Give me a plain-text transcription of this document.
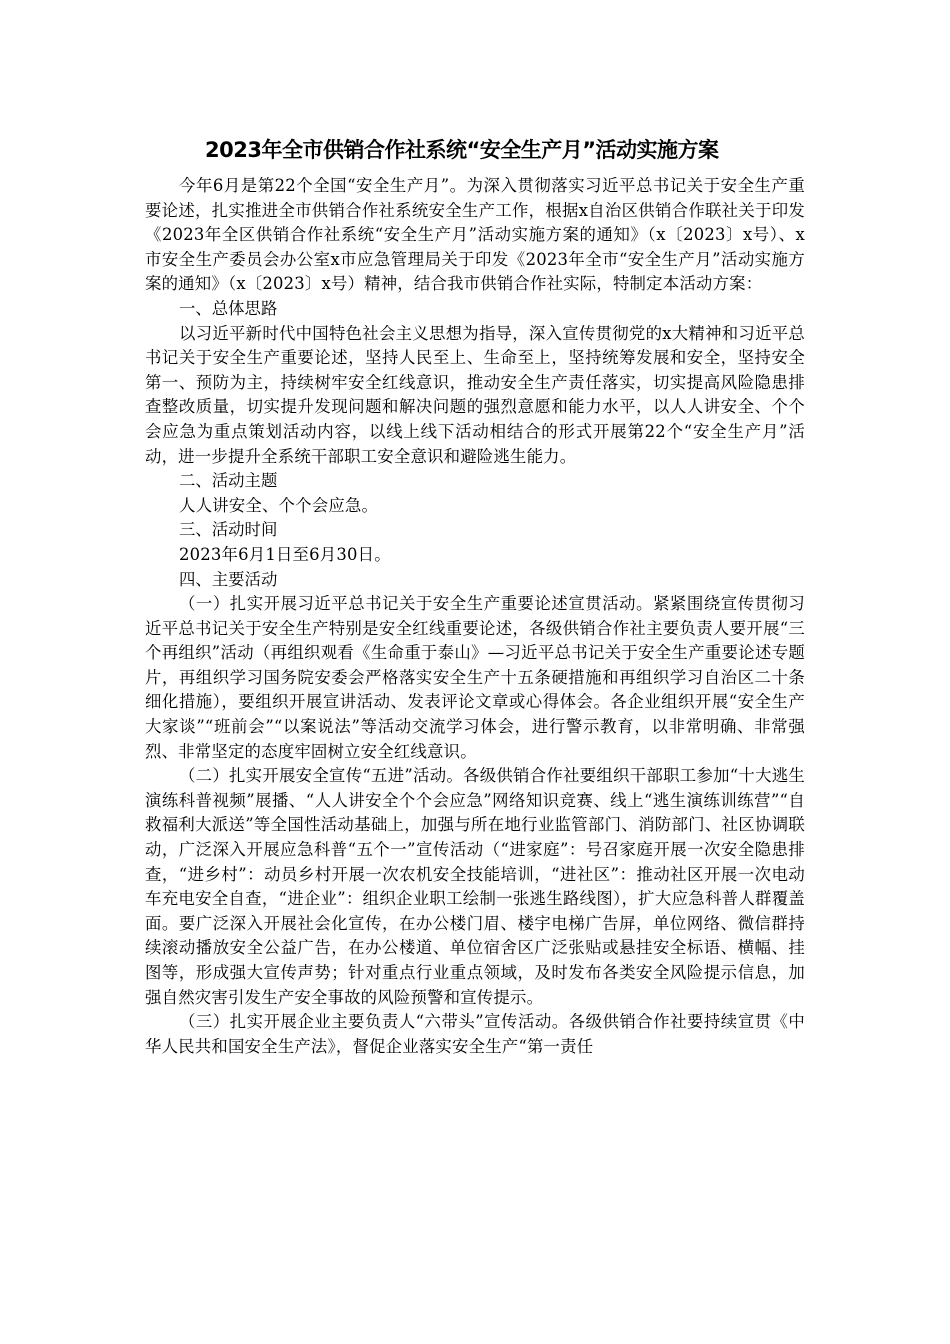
2023年全市供销合作社系统“安全生产月”活动实施方案

今年6月是第22个全国“安全生产月”。为深入贯彻落实习近平总书记关于安全生产重要论述，扎实推进全市供销合作社系统安全生产工作，根据x自治区供销合作联社关于印发《2023年全区供销合作社系统“安全生产月”活动实施方案的通知》（x〔2023〕x号）、x市安全生产委员会办公室x市应急管理局关于印发《2023年全市“安全生产月”活动实施方案的通知》（x〔2023〕x号）精神，结合我市供销合作社实际，特制定本活动方案：

一、总体思路

以习近平新时代中国特色社会主义思想为指导，深入宣传贯彻党的x大精神和习近平总书记关于安全生产重要论述，坚持人民至上、生命至上，坚持统筹发展和安全，坚持安全第一、预防为主，持续树牢安全红线意识，推动安全生产责任落实，切实提高风险隐患排查整改质量，切实提升发现问题和解决问题的强烈意愿和能力水平，以人人讲安全、个个会应急为重点策划活动内容，以线上线下活动相结合的形式开展第22个“安全生产月”活动，进一步提升全系统干部职工安全意识和避险逃生能力。

二、活动主题

人人讲安全、个个会应急。

三、活动时间

2023年6月1日至6月30日。

四、主要活动

（一）扎实开展习近平总书记关于安全生产重要论述宣贯活动。紧紧围绕宣传贯彻习近平总书记关于安全生产特别是安全红线重要论述，各级供销合作社主要负责人要开展“三个再组织”活动（再组织观看《生命重于泰山》—习近平总书记关于安全生产重要论述专题片，再组织学习国务院安委会严格落实安全生产十五条硬措施和再组织学习自治区二十条细化措施），要组织开展宣讲活动、发表评论文章或心得体会。各企业组织开展“安全生产大家谈”“班前会”“以案说法”等活动交流学习体会，进行警示教育，以非常明确、非常强烈、非常坚定的态度牢固树立安全红线意识。

（二）扎实开展安全宣传“五进”活动。各级供销合作社要组织干部职工参加“十大逃生演练科普视频”展播、“人人讲安全个个会应急”网络知识竞赛、线上“逃生演练训练营”“自救福利大派送”等全国性活动基础上，加强与所在地行业监管部门、消防部门、社区协调联动，广泛深入开展应急科普“五个一”宣传活动（“进家庭”：号召家庭开展一次安全隐患排查，“进乡村”：动员乡村开展一次农机安全技能培训，“进社区”：推动社区开展一次电动车充电安全自查，“进企业”：组织企业职工绘制一张逃生路线图），扩大应急科普人群覆盖面。要广泛深入开展社会化宣传，在办公楼门眉、楼宇电梯广告屏，单位网络、微信群持续滚动播放安全公益广告，在办公楼道、单位宿舍区广泛张贴或悬挂安全标语、横幅、挂图等，形成强大宣传声势；针对重点行业重点领域，及时发布各类安全风险提示信息，加强自然灾害引发生产安全事故的风险预警和宣传提示。

（三）扎实开展企业主要负责人“六带头”宣传活动。各级供销合作社要持续宣贯《中华人民共和国安全生产法》，督促企业落实安全生产“第一责任
